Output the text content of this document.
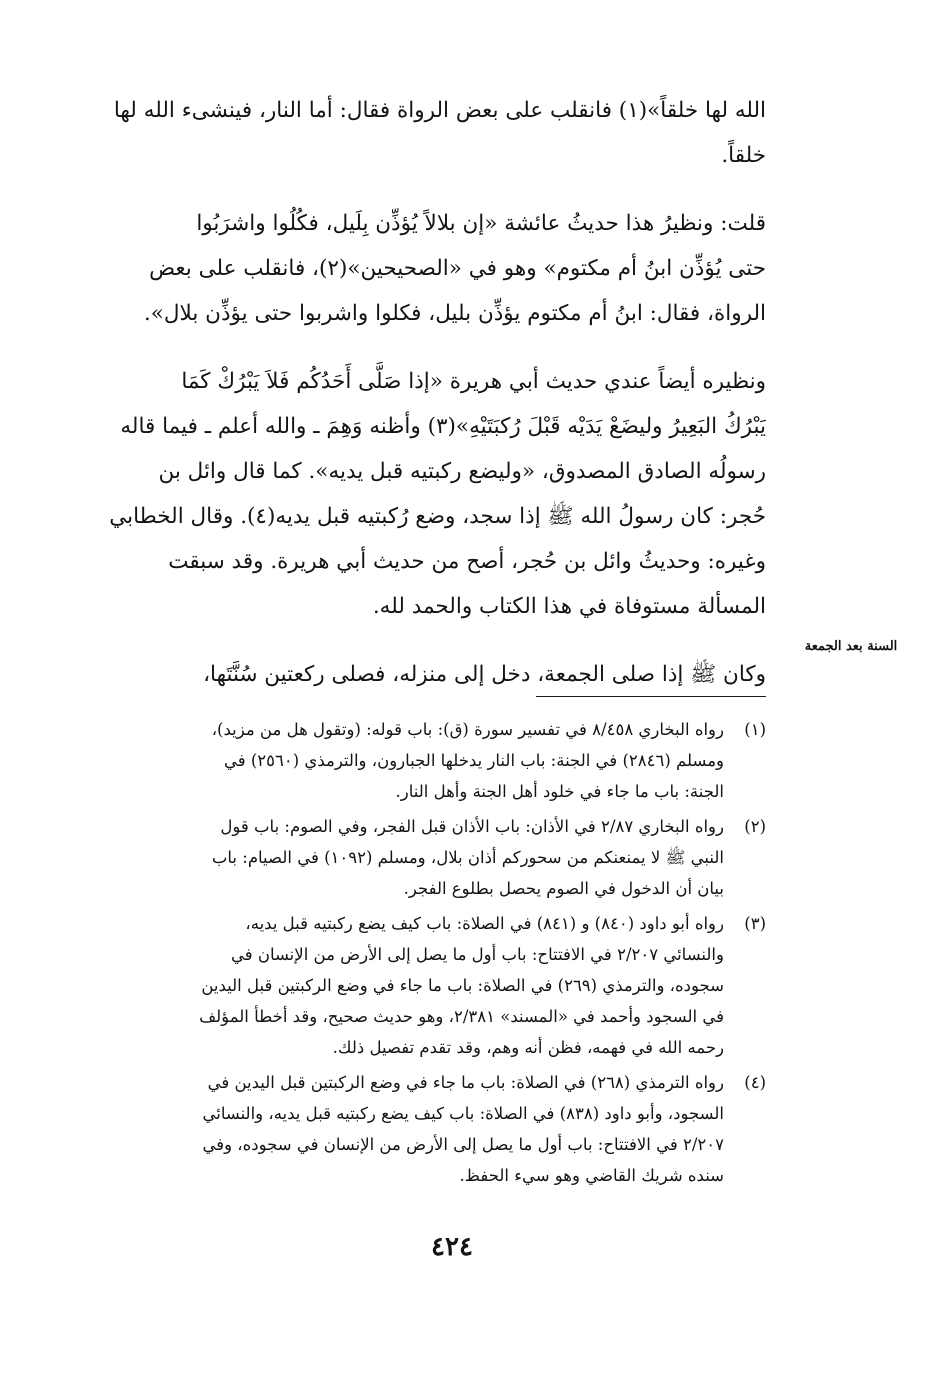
الله لها خلقاً»(١) فانقلب على بعض الرواة فقال: أما النار، فينشىء الله لها
خلقاً.

قلت: ونظيرُ هذا حديثُ عائشة «إن بلالاً يُؤذِّن بِلَيل، فكُلُوا واشرَبُوا
حتى يُؤذِّن ابنُ أم مكتوم» وهو في «الصحيحين»(٢)، فانقلب على بعض
الرواة، فقال: ابنُ أم مكتوم يؤذِّن بليل، فكلوا واشربوا حتى يؤذِّن بلال».

ونظيره أيضاً عندي حديث أبي هريرة «إذا صَلَّى أَحَدُكُم فَلاَ يَبْرُكْ كَمَا
يَبْرُكُ البَعِيرُ وليضَعْ يَدَيْه قَبْلَ رُكبَتَيْهِ»(٣) وأظنه وَهِمَ ـ والله أعلم ـ فيما قاله
رسولُه الصادق المصدوق، «وليضع ركبتيه قبل يديه». كما قال وائل بن
حُجر: كان رسولُ الله ﷺ إذا سجد، وضع رُكبتيه قبل يديه(٤). وقال الخطابي
وغيره: وحديثُ وائل بن حُجر، أصح من حديث أبي هريرة. وقد سبقت
المسألة مستوفاة في هذا الكتاب والحمد لله.

وكان ﷺ إذا صلى الجمعة، دخل إلى منزله، فصلى ركعتين سُنَّتَها،

السنة بعد الجمعة
(١)
رواه البخاري ٨/٤٥٨ في تفسير سورة (ق): باب قوله: (وتقول هل من مزيد)،
ومسلم (٢٨٤٦) في الجنة: باب النار يدخلها الجبارون، والترمذي (٢٥٦٠) في
الجنة: باب ما جاء في خلود أهل الجنة وأهل النار.
(٢)
رواه البخاري ٢/٨٧ في الأذان: باب الأذان قبل الفجر، وفي الصوم: باب قول
النبي ﷺ لا يمنعنكم من سحوركم أذان بلال، ومسلم (١٠٩٢) في الصيام: باب
بيان أن الدخول في الصوم يحصل بطلوع الفجر.
(٣)
رواه أبو داود (٨٤٠) و (٨٤١) في الصلاة: باب كيف يضع ركبتيه قبل يديه،
والنسائي ٢/٢٠٧ في الافتتاح: باب أول ما يصل إلى الأرض من الإنسان في
سجوده، والترمذي (٢٦٩) في الصلاة: باب ما جاء في وضع الركبتين قبل اليدين
في السجود وأحمد في «المسند» ٢/٣٨١، وهو حديث صحيح، وقد أخطأ المؤلف
رحمه الله في فهمه، فظن أنه وهم، وقد تقدم تفصيل ذلك.
(٤)
رواه الترمذي (٢٦٨) في الصلاة: باب ما جاء في وضع الركبتين قبل اليدين في
السجود، وأبو داود (٨٣٨) في الصلاة: باب كيف يضع ركبتيه قبل يديه، والنسائي
٢/٢٠٧ في الافتتاح: باب أول ما يصل إلى الأرض من الإنسان في سجوده، وفي
سنده شريك القاضي وهو سيء الحفظ.
٤٢٤
